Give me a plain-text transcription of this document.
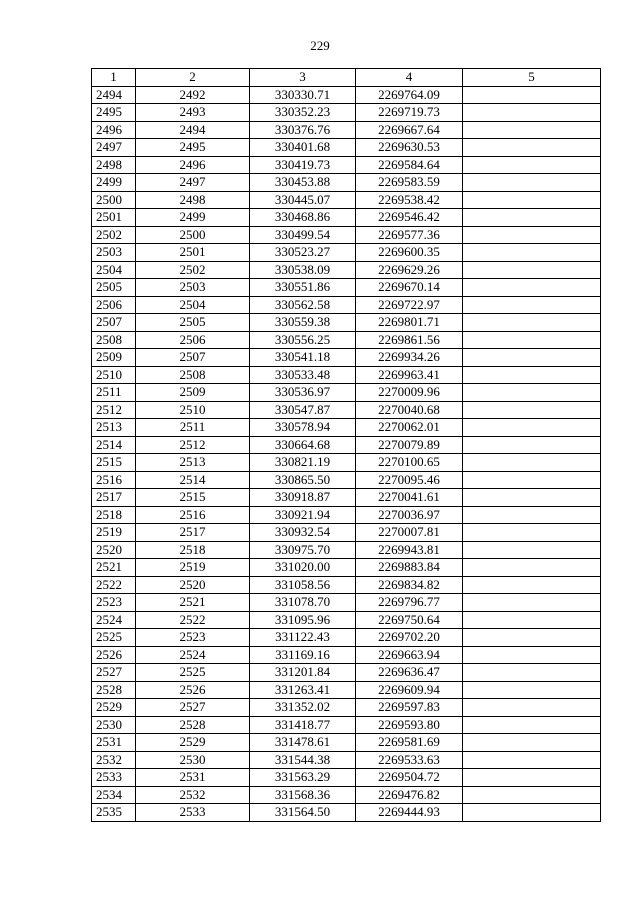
229
1	2	3	4	5
2494	2492	330330.71	2269764.09	
2495	2493	330352.23	2269719.73	
2496	2494	330376.76	2269667.64	
2497	2495	330401.68	2269630.53	
2498	2496	330419.73	2269584.64	
2499	2497	330453.88	2269583.59	
2500	2498	330445.07	2269538.42	
2501	2499	330468.86	2269546.42	
2502	2500	330499.54	2269577.36	
2503	2501	330523.27	2269600.35	
2504	2502	330538.09	2269629.26	
2505	2503	330551.86	2269670.14	
2506	2504	330562.58	2269722.97	
2507	2505	330559.38	2269801.71	
2508	2506	330556.25	2269861.56	
2509	2507	330541.18	2269934.26	
2510	2508	330533.48	2269963.41	
2511	2509	330536.97	2270009.96	
2512	2510	330547.87	2270040.68	
2513	2511	330578.94	2270062.01	
2514	2512	330664.68	2270079.89	
2515	2513	330821.19	2270100.65	
2516	2514	330865.50	2270095.46	
2517	2515	330918.87	2270041.61	
2518	2516	330921.94	2270036.97	
2519	2517	330932.54	2270007.81	
2520	2518	330975.70	2269943.81	
2521	2519	331020.00	2269883.84	
2522	2520	331058.56	2269834.82	
2523	2521	331078.70	2269796.77	
2524	2522	331095.96	2269750.64	
2525	2523	331122.43	2269702.20	
2526	2524	331169.16	2269663.94	
2527	2525	331201.84	2269636.47	
2528	2526	331263.41	2269609.94	
2529	2527	331352.02	2269597.83	
2530	2528	331418.77	2269593.80	
2531	2529	331478.61	2269581.69	
2532	2530	331544.38	2269533.63	
2533	2531	331563.29	2269504.72	
2534	2532	331568.36	2269476.82	
2535	2533	331564.50	2269444.93	
